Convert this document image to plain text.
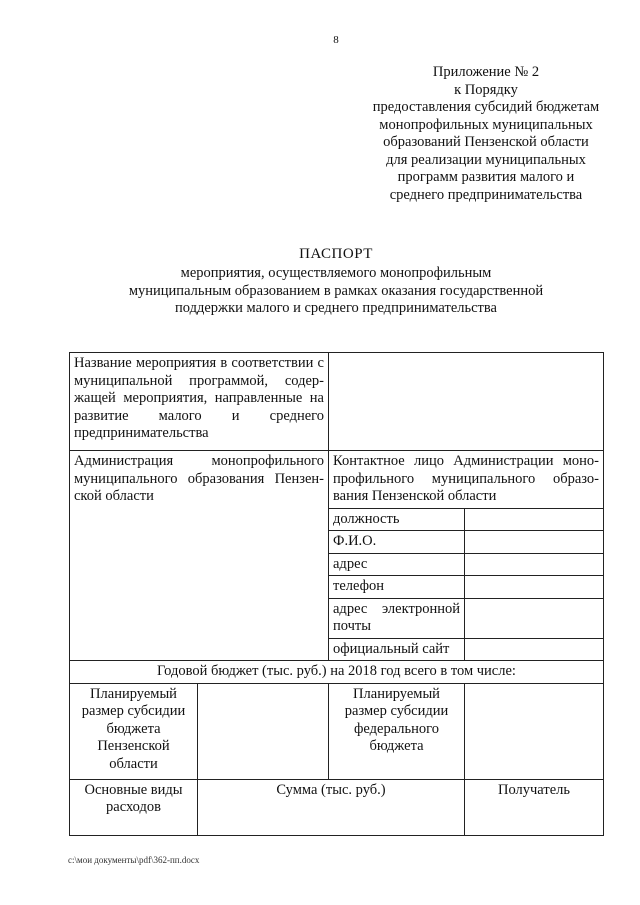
8
Приложение № 2
к Порядку
предоставления субсидий бюджетам
монопрофильных муниципальных
образований Пензенской области
для реализации муниципальных
программ развития малого и
среднего предпринимательства
ПАСПОРТ
мероприятия, осуществляемого монопрофильным
муниципальным образованием в рамках оказания государственной
поддержки малого и среднего предпринимательства
Название мероприятия в соответствии с муниципальной программой, содер-жащей мероприятия, направленные на развитие малого и среднего предпринимательства			
Администрация монопрофильного муниципального образования Пензен-ской области		Контактное лицо Администрации моно-профильного муниципального образо-вания Пензенской области	
		должность	
		Ф.И.О.	
		адрес	
		телефон	
		адрес электронной почты	
		официальный сайт	
Годовой бюджет (тыс. руб.) на 2018 год всего в том числе:			
Планируемый размер субсидии бюджета Пензенской области		Планируемый размер субсидии федерального бюджета	
Основные виды расходов	Сумма (тыс. руб.)		Получатель
c:\мои документы\pdf\362-пп.docx
